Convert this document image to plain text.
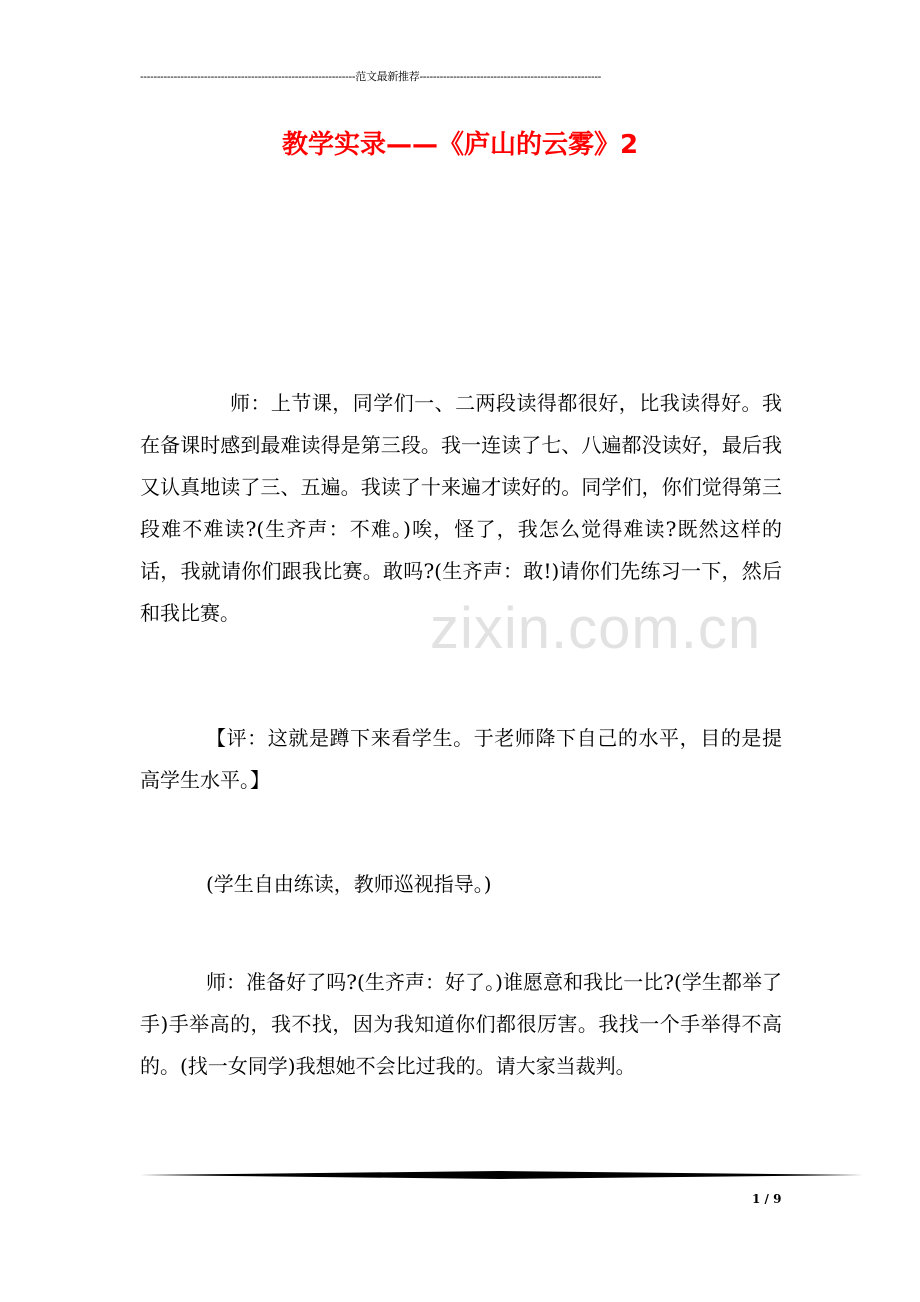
----------------------------------------------------------------范文最新推荐------------------------------------------------------
教学实录——《庐山的云雾》2

师：上节课，同学们一、二两段读得都很好，比我读得好。我在备课时感到最难读得是第三段。我一连读了七、八遍都没读好，最后我又认真地读了三、五遍。我读了十来遍才读好的。同学们，你们觉得第三段难不难读?(生齐声：不难。)唉，怪了，我怎么觉得难读?既然这样的话，我就请你们跟我比赛。敢吗?(生齐声：敢!)请你们先练习一下，然后和我比赛。	zixin.com.cn

【评：这就是蹲下来看学生。于老师降下自己的水平，目的是提高学生水平。】

(学生自由练读，教师巡视指导。)

师：准备好了吗?(生齐声：好了。)谁愿意和我比一比?(学生都举了手)手举高的，我不找，因为我知道你们都很厉害。我找一个手举得不高的。(找一女同学)我想她不会比过我的。请大家当裁判。

1 / 9
